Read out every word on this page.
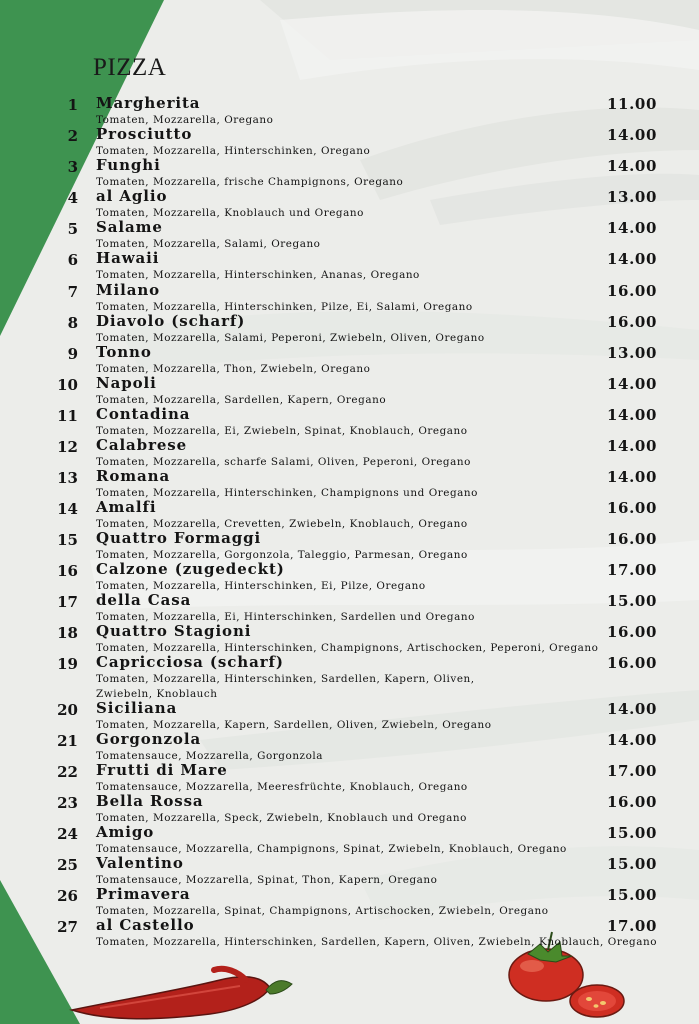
PIZZA
1 Margherita	11.00
Tomaten, Mozzarella, Oregano
2 Prosciutto	14.00
Tomaten, Mozzarella, Hinterschinken, Oregano
3 Funghi	14.00
Tomaten, Mozzarella, frische Champignons, Oregano
4 al Aglio	13.00
Tomaten, Mozzarella, Knoblauch und Oregano
5 Salame	14.00
Tomaten, Mozzarella, Salami, Oregano
6 Hawaii	14.00
Tomaten, Mozzarella, Hinterschinken, Ananas, Oregano
7 Milano	16.00
Tomaten, Mozzarella, Hinterschinken, Pilze, Ei, Salami, Oregano
8 Diavolo (scharf)	16.00
Tomaten, Mozzarella, Salami, Peperoni, Zwiebeln, Oliven, Oregano
9 Tonno	13.00
Tomaten, Mozzarella, Thon, Zwiebeln, Oregano
10 Napoli	14.00
Tomaten, Mozzarella, Sardellen, Kapern, Oregano
11 Contadina	14.00
Tomaten, Mozzarella, Ei, Zwiebeln, Spinat, Knoblauch, Oregano
12 Calabrese	14.00
Tomaten, Mozzarella, scharfe Salami, Oliven, Peperoni, Oregano
13 Romana	14.00
Tomaten, Mozzarella, Hinterschinken, Champignons und Oregano
14 Amalfi	16.00
Tomaten, Mozzarella, Crevetten, Zwiebeln, Knoblauch, Oregano
15 Quattro Formaggi	16.00
Tomaten, Mozzarella, Gorgonzola, Taleggio, Parmesan, Oregano
16 Calzone (zugedeckt)	17.00
Tomaten, Mozzarella, Hinterschinken, Ei, Pilze, Oregano
17 della Casa	15.00
Tomaten, Mozzarella, Ei, Hinterschinken, Sardellen und Oregano
18 Quattro Stagioni	16.00
Tomaten, Mozzarella, Hinterschinken, Champignons, Artischocken, Peperoni, Oregano
19 Capricciosa (scharf)	16.00
Tomaten, Mozzarella, Hinterschinken, Sardellen, Kapern, Oliven, Zwiebeln, Knoblauch
20 Siciliana	14.00
Tomaten, Mozzarella, Kapern, Sardellen, Oliven, Zwiebeln, Oregano
21 Gorgonzola	14.00
Tomatensauce, Mozzarella, Gorgonzola
22 Frutti di Mare	17.00
Tomatensauce, Mozzarella, Meeresfrüchte, Knoblauch, Oregano
23 Bella Rossa	16.00
Tomaten, Mozzarella, Speck, Zwiebeln, Knoblauch und Oregano
24 Amigo	15.00
Tomatensauce, Mozzarella, Champignons, Spinat, Zwiebeln, Knoblauch, Oregano
25 Valentino	15.00
Tomatensauce, Mozzarella, Spinat, Thon, Kapern, Oregano
26 Primavera	15.00
Tomaten, Mozzarella, Spinat, Champignons, Artischocken, Zwiebeln, Oregano
27 al Castello	17.00
Tomaten, Mozzarella, Hinterschinken, Sardellen, Kapern, Oliven, Zwiebeln, Knoblauch, Oregano
